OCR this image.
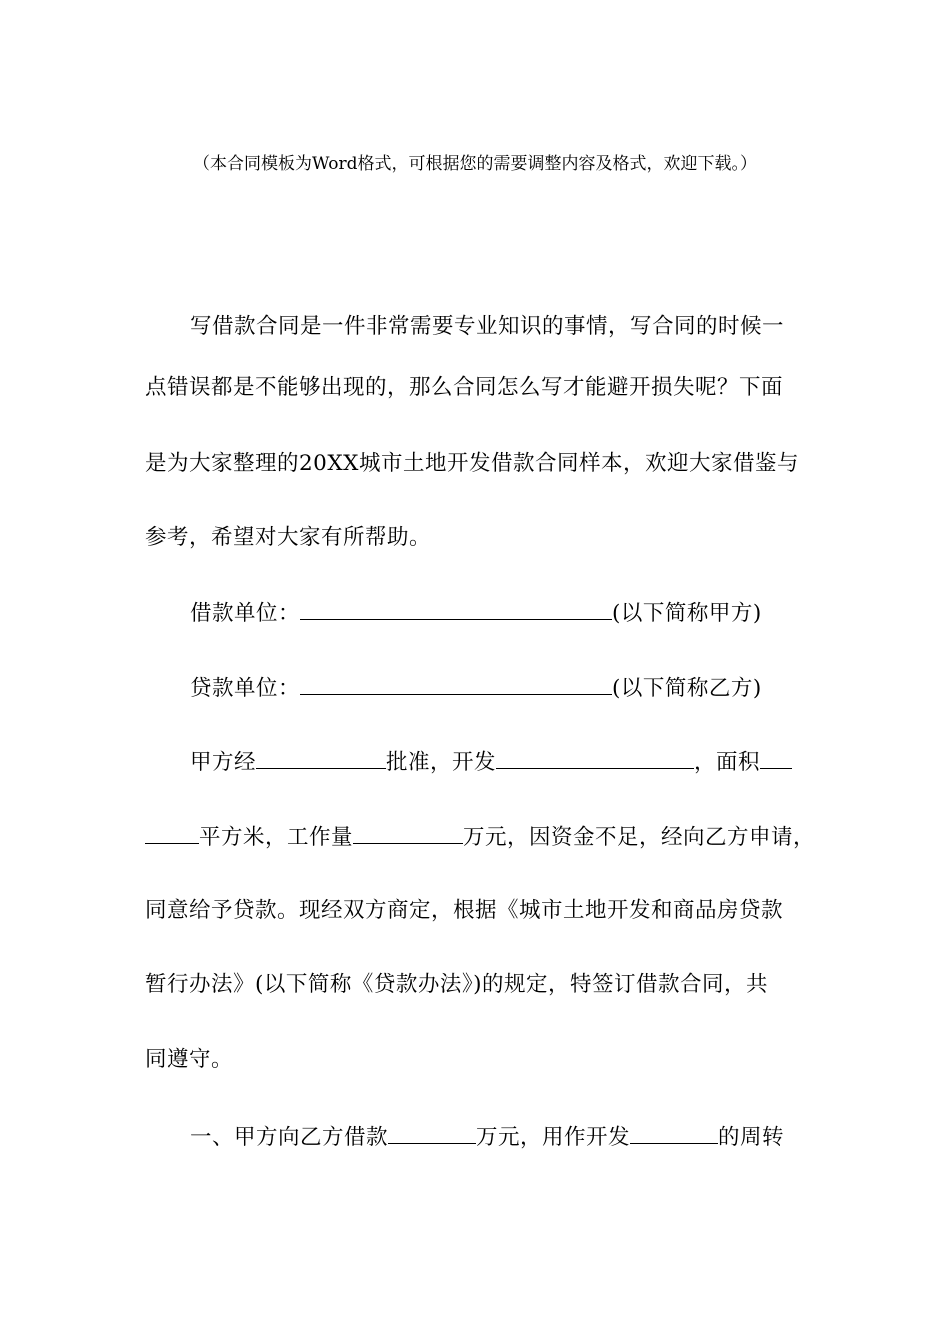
（本合同模板为Word格式，可根据您的需要调整内容及格式，欢迎下载。）
写借款合同是一件非常需要专业知识的事情，写合同的时候一
点错误都是不能够出现的，那么合同怎么写才能避开损失呢？下面
是为大家整理的20XX城市土地开发借款合同样本，欢迎大家借鉴与
参考，希望对大家有所帮助。
借款单位：	(以下简称甲方)
贷款单位：	(以下简称乙方)
甲方经	批准，开发	，面积
平方米，工作量	万元，因资金不足，经向乙方申请，
同意给予贷款。现经双方商定，根据《城市土地开发和商品房贷款
暂行办法》(以下简称《贷款办法》)的规定，特签订借款合同，共
同遵守。
一、甲方向乙方借款	万元，用作开发	的周转
